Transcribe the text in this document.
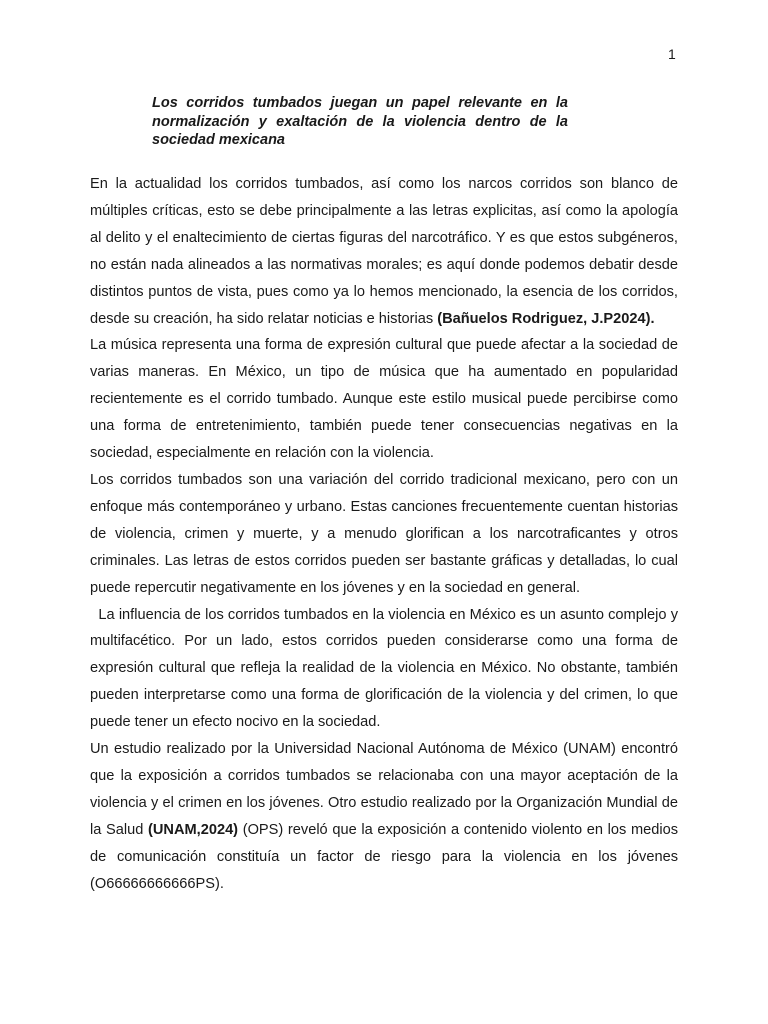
1
Los corridos tumbados juegan un papel relevante en la normalización y exaltación de la violencia dentro de la sociedad mexicana

En la actualidad los corridos tumbados, así como los narcos corridos son blanco de múltiples críticas, esto se debe principalmente a las letras explicitas, así como la apología al delito y el enaltecimiento de ciertas figuras del narcotráfico. Y es que estos subgéneros, no están nada alineados a las normativas morales; es aquí donde podemos debatir desde distintos puntos de vista, pues como ya lo hemos mencionado, la esencia de los corridos, desde su creación, ha sido relatar noticias e historias (Bañuelos Rodriguez, J.P2024).

La música representa una forma de expresión cultural que puede afectar a la sociedad de varias maneras. En México, un tipo de música que ha aumentado en popularidad recientemente es el corrido tumbado. Aunque este estilo musical puede percibirse como una forma de entretenimiento, también puede tener consecuencias negativas en la sociedad, especialmente en relación con la violencia.

Los corridos tumbados son una variación del corrido tradicional mexicano, pero con un enfoque más contemporáneo y urbano. Estas canciones frecuentemente cuentan historias de violencia, crimen y muerte, y a menudo glorifican a los narcotraficantes y otros criminales. Las letras de estos corridos pueden ser bastante gráficas y detalladas, lo cual puede repercutir negativamente en los jóvenes y en la sociedad en general.

La influencia de los corridos tumbados en la violencia en México es un asunto complejo y multifacético. Por un lado, estos corridos pueden considerarse como una forma de expresión cultural que refleja la realidad de la violencia en México. No obstante, también pueden interpretarse como una forma de glorificación de la violencia y del crimen, lo que puede tener un efecto nocivo en la sociedad.

Un estudio realizado por la Universidad Nacional Autónoma de México (UNAM) encontró que la exposición a corridos tumbados se relacionaba con una mayor aceptación de la violencia y el crimen en los jóvenes. Otro estudio realizado por la Organización Mundial de la Salud (UNAM,2024) (OPS) reveló que la exposición a contenido violento en los medios de comunicación constituía un factor de riesgo para la violencia en los jóvenes (O66666666666PS).
